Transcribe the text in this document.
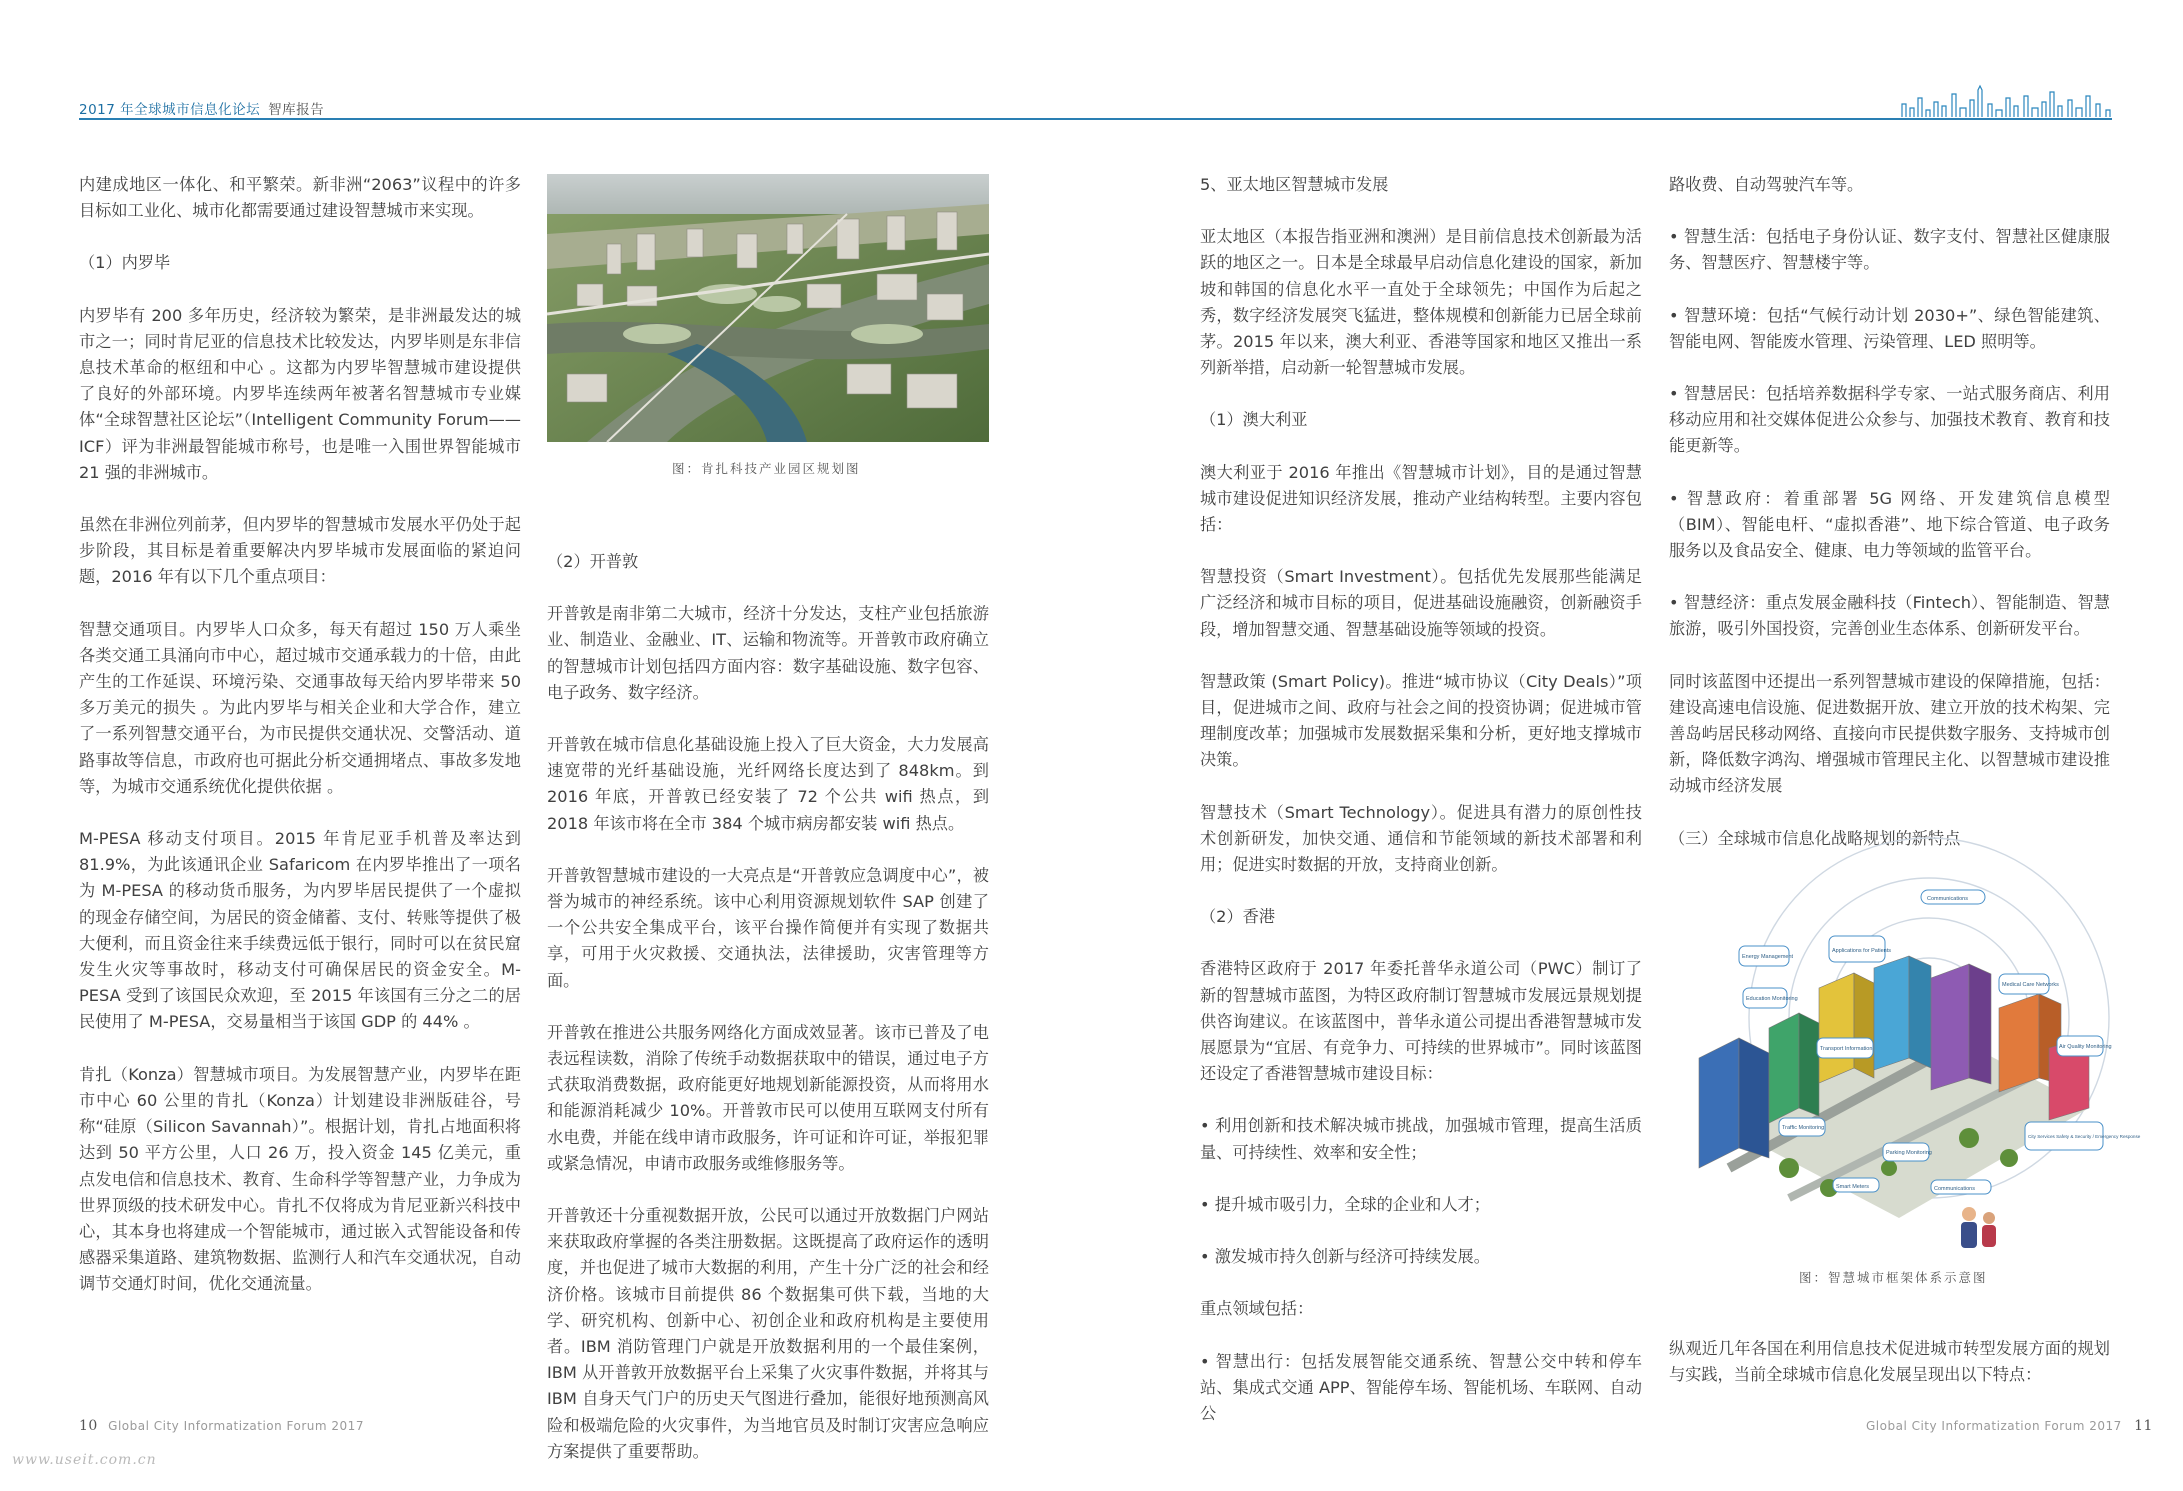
2017 年全球城市信息化论坛 智库报告

内建成地区一体化、和平繁荣。新非洲“2063”议程中的许多目标如工业化、城市化都需要通过建设智慧城市来实现。

（1）内罗毕

内罗毕有 200 多年历史，经济较为繁荣，是非洲最发达的城市之一；同时肯尼亚的信息技术比较发达，内罗毕则是东非信息技术革命的枢纽和中心 。这都为内罗毕智慧城市建设提供了良好的外部环境。内罗毕连续两年被著名智慧城市专业媒体“全球智慧社区论坛”（Intelligent Community Forum——ICF）评为非洲最智能城市称号，也是唯一入围世界智能城市 21 强的非洲城市。

虽然在非洲位列前茅，但内罗毕的智慧城市发展水平仍处于起步阶段，其目标是着重要解决内罗毕城市发展面临的紧迫问题，2016 年有以下几个重点项目：

智慧交通项目。内罗毕人口众多，每天有超过 150 万人乘坐各类交通工具涌向市中心，超过城市交通承载力的十倍，由此产生的工作延误、环境污染、交通事故每天给内罗毕带来 50 多万美元的损失 。为此内罗毕与相关企业和大学合作，建立了一系列智慧交通平台，为市民提供交通状况、交警活动、道路事故等信息，市政府也可据此分析交通拥堵点、事故多发地等，为城市交通系统优化提供依据 。

M-PESA 移动支付项目。2015 年肯尼亚手机普及率达到 81.9%，为此该通讯企业 Safaricom 在内罗毕推出了一项名为 M-PESA 的移动货币服务，为内罗毕居民提供了一个虚拟的现金存储空间，为居民的资金储蓄、支付、转账等提供了极大便利，而且资金往来手续费远低于银行，同时可以在贫民窟发生火灾等事故时，移动支付可确保居民的资金安全。M-PESA 受到了该国民众欢迎，至 2015 年该国有三分之二的居民使用了 M-PESA，交易量相当于该国 GDP 的 44% 。

肯扎（Konza）智慧城市项目。为发展智慧产业，内罗毕在距市中心 60 公里的肯扎（Konza）计划建设非洲版硅谷，号称“硅原（Silicon Savannah）”。根据计划，肯扎占地面积将达到 50 平方公里，人口 26 万，投入资金 145 亿美元，重点发电信和信息技术、教育、生命科学等智慧产业，力争成为世界顶级的技术研发中心。肯扎不仅将成为肯尼亚新兴科技中心，其本身也将建成一个智能城市，通过嵌入式智能设备和传感器采集道路、建筑物数据、监测行人和汽车交通状况，自动调节交通灯时间，优化交通流量。

图：肯扎科技产业园区规划图

（2）开普敦

开普敦是南非第二大城市，经济十分发达，支柱产业包括旅游业、制造业、金融业、IT、运输和物流等。开普敦市政府确立的智慧城市计划包括四方面内容：数字基础设施、数字包容、电子政务、数字经济。

开普敦在城市信息化基础设施上投入了巨大资金，大力发展高速宽带的光纤基础设施，光纤网络长度达到了 848km。到 2016 年底，开普敦已经安装了 72 个公共 wifi 热点，到 2018 年该市将在全市 384 个城市病房都安装 wifi 热点。

开普敦智慧城市建设的一大亮点是“开普敦应急调度中心”，被誉为城市的神经系统。该中心利用资源规划软件 SAP 创建了一个公共安全集成平台，该平台操作简便并有实现了数据共享，可用于火灾救援、交通执法，法律援助，灾害管理等方面。

开普敦在推进公共服务网络化方面成效显著。该市已普及了电表远程读数，消除了传统手动数据获取中的错误，通过电子方式获取消费数据，政府能更好地规划新能源投资，从而将用水和能源消耗减少 10%。开普敦市民可以使用互联网支付所有水电费，并能在线申请市政服务，许可证和许可证，举报犯罪或紧急情况，申请市政服务或维修服务等。

开普敦还十分重视数据开放，公民可以通过开放数据门户网站来获取政府掌握的各类注册数据。这既提高了政府运作的透明度，并也促进了城市大数据的利用，产生十分广泛的社会和经济价格。该城市目前提供 86 个数据集可供下载，当地的大学、研究机构、创新中心、初创企业和政府机构是主要使用者。IBM 消防管理门户就是开放数据利用的一个最佳案例，IBM 从开普敦开放数据平台上采集了火灾事件数据，并将其与 IBM 自身天气门户的历史天气图进行叠加，能很好地预测高风险和极端危险的火灾事件，为当地官员及时制订灾害应急响应方案提供了重要帮助。

5、亚太地区智慧城市发展

亚太地区（本报告指亚洲和澳洲）是目前信息技术创新最为活跃的地区之一。日本是全球最早启动信息化建设的国家，新加坡和韩国的信息化水平一直处于全球领先；中国作为后起之秀，数字经济发展突飞猛进，整体规模和创新能力已居全球前茅。2015 年以来，澳大利亚、香港等国家和地区又推出一系列新举措，启动新一轮智慧城市发展。

（1）澳大利亚

澳大利亚于 2016 年推出《智慧城市计划》，目的是通过智慧城市建设促进知识经济发展，推动产业结构转型。主要内容包括：

智慧投资（Smart Investment）。包括优先发展那些能满足广泛经济和城市目标的项目，促进基础设施融资，创新融资手段，增加智慧交通、智慧基础设施等领域的投资。

智慧政策 (Smart Policy)。推进“城市协议（City Deals）”项目，促进城市之间、政府与社会之间的投资协调；促进城市管理制度改革；加强城市发展数据采集和分析，更好地支撑城市决策。

智慧技术（Smart Technology）。促进具有潜力的原创性技术创新研发，加快交通、通信和节能领域的新技术部署和利用；促进实时数据的开放，支持商业创新。

（2）香港

香港特区政府于 2017 年委托普华永道公司（PWC）制订了新的智慧城市蓝图，为特区政府制订智慧城市发展远景规划提供咨询建议。在该蓝图中，普华永道公司提出香港智慧城市发展愿景为“宜居、有竞争力、可持续的世界城市”。同时该蓝图还设定了香港智慧城市建设目标：

• 利用创新和技术解决城市挑战，加强城市管理，提高生活质量、可持续性、效率和安全性；

• 提升城市吸引力，全球的企业和人才；

• 激发城市持久创新与经济可持续发展。

重点领域包括：

• 智慧出行：包括发展智能交通系统、智慧公交中转和停车站、集成式交通 APP、智能停车场、智能机场、车联网、自动公

路收费、自动驾驶汽车等。

• 智慧生活：包括电子身份认证、数字支付、智慧社区健康服务、智慧医疗、智慧楼宇等。

• 智慧环境：包括“气候行动计划 2030+”、绿色智能建筑、智能电网、智能废水管理、污染管理、LED 照明等。

• 智慧居民：包括培养数据科学专家、一站式服务商店、利用移动应用和社交媒体促进公众参与、加强技术教育、教育和技能更新等。

• 智慧政府：着重部署 5G 网络、开发建筑信息模型（BIM）、智能电杆、“虚拟香港”、地下综合管道、电子政务服务以及食品安全、健康、电力等领域的监管平台。

• 智慧经济：重点发展金融科技（Fintech）、智能制造、智慧旅游，吸引外国投资，完善创业生态体系、创新研发平台。

同时该蓝图中还提出一系列智慧城市建设的保障措施，包括：建设高速电信设施、促进数据开放、建立开放的技术构架、完善岛屿居民移动网络、直接向市民提供数字服务、支持城市创新，降低数字鸿沟、增强城市管理民主化、以智慧城市建设推动城市经济发展

（三）全球城市信息化战略规划的新特点

Communications
Energy Management
Applications for Patients
Education Monitoring
Transport Information
Traffic Monitoring
Parking Monitoring
Smart Meters
Medical Care Networks
Air Quality Monitoring
City Services Safety & Security / Emergency Response
Communications
图：智慧城市框架体系示意图

纵观近几年各国在利用信息技术促进城市转型发展方面的规划与实践，当前全球城市信息化发展呈现出以下特点：

10 Global City Informatization Forum 2017	Global City Informatization Forum 2017 11
www.useit.com.cn
